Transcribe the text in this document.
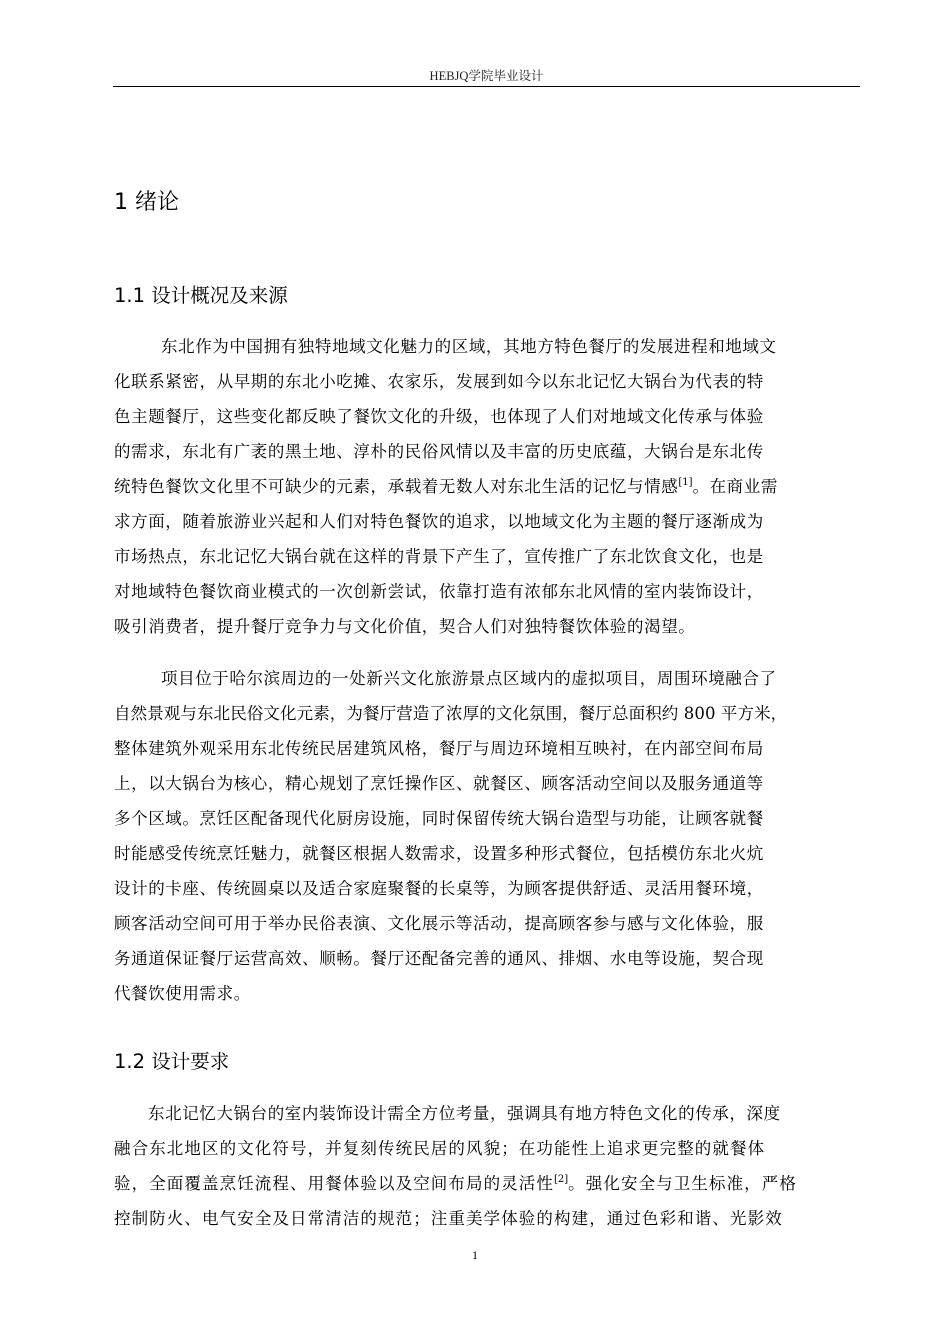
HEBJQ学院毕业设计
1 绪论
1.1 设计概况及来源
东北作为中国拥有独特地域文化魅力的区域，其地方特色餐厅的发展进程和地域文
化联系紧密，从早期的东北小吃摊、农家乐，发展到如今以东北记忆大锅台为代表的特
色主题餐厅，这些变化都反映了餐饮文化的升级，也体现了人们对地域文化传承与体验
的需求，东北有广袤的黑土地、淳朴的民俗风情以及丰富的历史底蕴，大锅台是东北传
统特色餐饮文化里不可缺少的元素，承载着无数人对东北生活的记忆与情感[1]。在商业需
求方面，随着旅游业兴起和人们对特色餐饮的追求，以地域文化为主题的餐厅逐渐成为
市场热点，东北记忆大锅台就在这样的背景下产生了，宣传推广了东北饮食文化，也是
对地域特色餐饮商业模式的一次创新尝试，依靠打造有浓郁东北风情的室内装饰设计，
吸引消费者，提升餐厅竞争力与文化价值，契合人们对独特餐饮体验的渴望。
项目位于哈尔滨周边的一处新兴文化旅游景点区域内的虚拟项目，周围环境融合了
自然景观与东北民俗文化元素，为餐厅营造了浓厚的文化氛围，餐厅总面积约 800 平方米，
整体建筑外观采用东北传统民居建筑风格，餐厅与周边环境相互映衬，在内部空间布局
上，以大锅台为核心，精心规划了烹饪操作区、就餐区、顾客活动空间以及服务通道等
多个区域。烹饪区配备现代化厨房设施，同时保留传统大锅台造型与功能，让顾客就餐
时能感受传统烹饪魅力，就餐区根据人数需求，设置多种形式餐位，包括模仿东北火炕
设计的卡座、传统圆桌以及适合家庭聚餐的长桌等，为顾客提供舒适、灵活用餐环境，
顾客活动空间可用于举办民俗表演、文化展示等活动，提高顾客参与感与文化体验，服
务通道保证餐厅运营高效、顺畅。餐厅还配备完善的通风、排烟、水电等设施，契合现
代餐饮使用需求。
1.2 设计要求
东北记忆大锅台的室内装饰设计需全方位考量，强调具有地方特色文化的传承，深度
融合东北地区的文化符号，并复刻传统民居的风貌；在功能性上追求更完整的就餐体
验，全面覆盖烹饪流程、用餐体验以及空间布局的灵活性[2]。强化安全与卫生标准，严格
控制防火、电气安全及日常清洁的规范；注重美学体验的构建，通过色彩和谐、光影效
1
